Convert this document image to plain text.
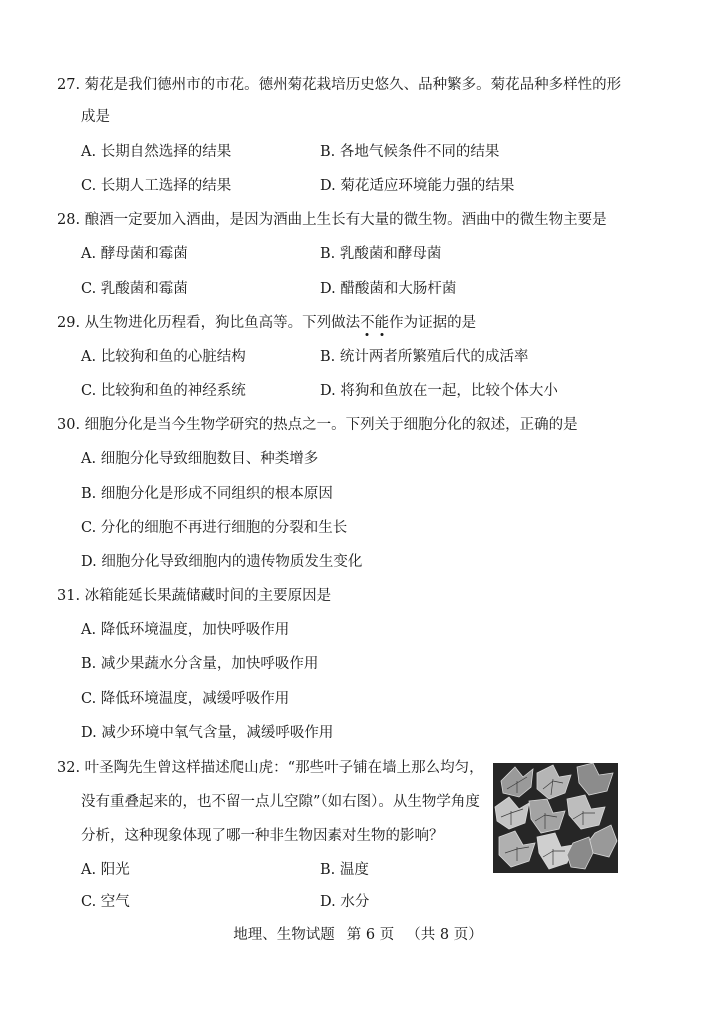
27. 菊花是我们德州市的市花。德州菊花栽培历史悠久、品种繁多。菊花品种多样性的形
成是
A. 长期自然选择的结果	B. 各地气候条件不同的结果
C. 长期人工选择的结果	D. 菊花适应环境能力强的结果
28. 酿酒一定要加入酒曲，是因为酒曲上生长有大量的微生物。酒曲中的微生物主要是
A. 酵母菌和霉菌	B. 乳酸菌和酵母菌
C. 乳酸菌和霉菌	D. 醋酸菌和大肠杆菌
29. 从生物进化历程看，狗比鱼高等。下列做法不能作为证据的是
A. 比较狗和鱼的心脏结构	B. 统计两者所繁殖后代的成活率
C. 比较狗和鱼的神经系统	D. 将狗和鱼放在一起，比较个体大小
30. 细胞分化是当今生物学研究的热点之一。下列关于细胞分化的叙述，正确的是
A. 细胞分化导致细胞数目、种类增多
B. 细胞分化是形成不同组织的根本原因
C. 分化的细胞不再进行细胞的分裂和生长
D. 细胞分化导致细胞内的遗传物质发生变化
31. 冰箱能延长果蔬储藏时间的主要原因是
A. 降低环境温度，加快呼吸作用
B. 减少果蔬水分含量，加快呼吸作用
C. 降低环境温度，减缓呼吸作用
D. 减少环境中氧气含量，减缓呼吸作用
32. 叶圣陶先生曾这样描述爬山虎：“那些叶子铺在墙上那么均匀，
没有重叠起来的，也不留一点儿空隙”（如右图）。从生物学角度
分析，这种现象体现了哪一种非生物因素对生物的影响？
A. 阳光	B. 温度
C. 空气	D. 水分
地理、生物试题 第 6 页 （共 8 页）
